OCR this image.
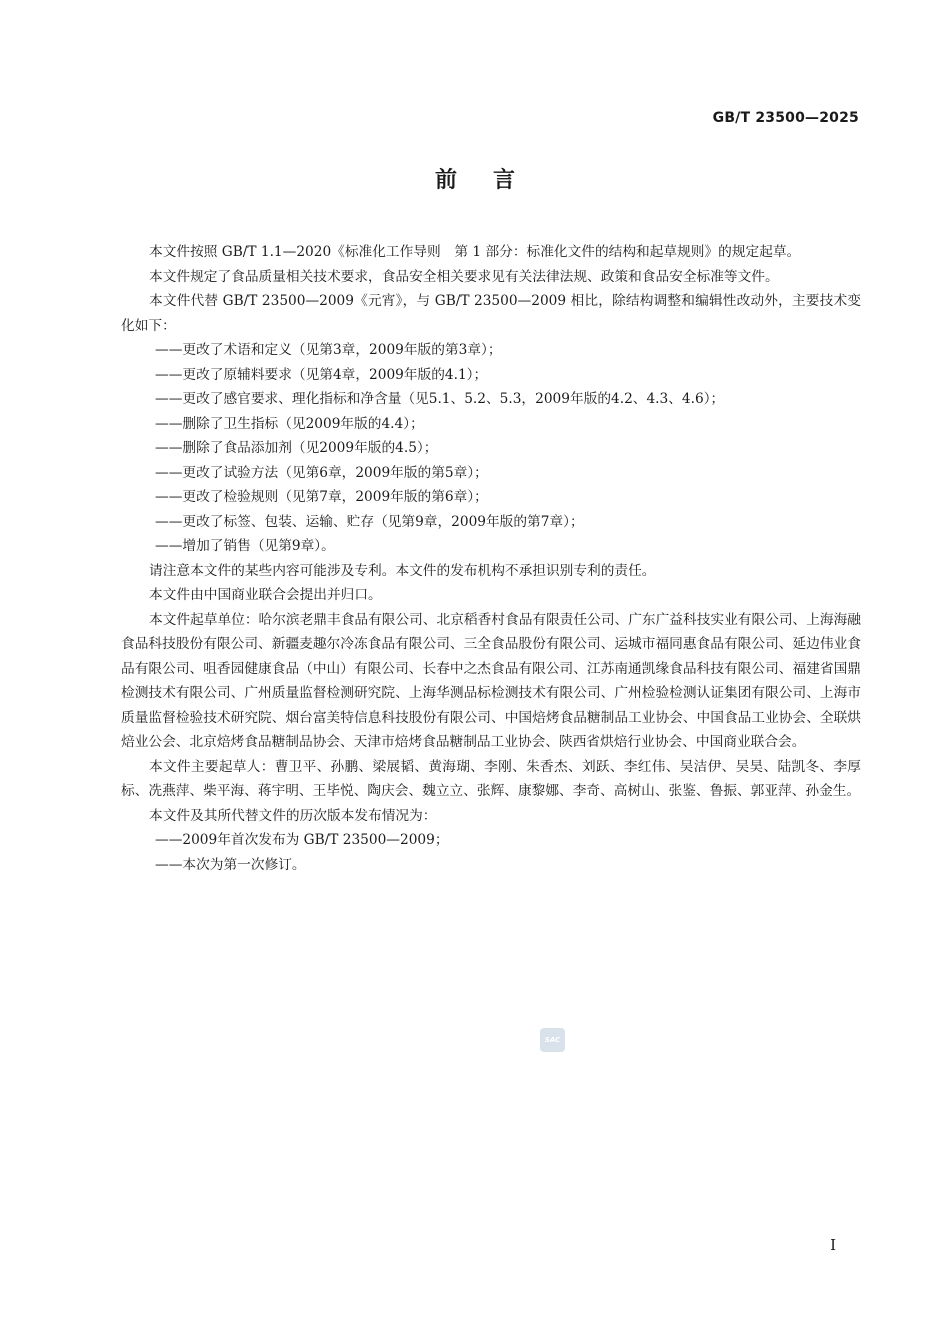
GB/T 23500—2025
前言

本文件按照 GB/T 1.1—2020《标准化工作导则　第 1 部分：标准化文件的结构和起草规则》的规定起草。

本文件规定了食品质量相关技术要求，食品安全相关要求见有关法律法规、政策和食品安全标准等文件。

本文件代替 GB/T 23500—2009《元宵》，与 GB/T 23500—2009 相比，除结构调整和编辑性改动外，主要技术变化如下：

——更改了术语和定义（见第3章，2009年版的第3章）；

——更改了原辅料要求（见第4章，2009年版的4.1）；

——更改了感官要求、理化指标和净含量（见5.1、5.2、5.3，2009年版的4.2、4.3、4.6）；

——删除了卫生指标（见2009年版的4.4）；

——删除了食品添加剂（见2009年版的4.5）；

——更改了试验方法（见第6章，2009年版的第5章）；

——更改了检验规则（见第7章，2009年版的第6章）；

——更改了标签、包装、运输、贮存（见第9章，2009年版的第7章）；

——增加了销售（见第9章）。

请注意本文件的某些内容可能涉及专利。本文件的发布机构不承担识别专利的责任。

本文件由中国商业联合会提出并归口。

本文件起草单位：哈尔滨老鼎丰食品有限公司、北京稻香村食品有限责任公司、广东广益科技实业有限公司、上海海融食品科技股份有限公司、新疆麦趣尔冷冻食品有限公司、三全食品股份有限公司、运城市福同惠食品有限公司、延边伟业食品有限公司、咀香园健康食品（中山）有限公司、长春中之杰食品有限公司、江苏南通凯缘食品科技有限公司、福建省国鼎检测技术有限公司、广州质量监督检测研究院、上海华测品标检测技术有限公司、广州检验检测认证集团有限公司、上海市质量监督检验技术研究院、烟台富美特信息科技股份有限公司、中国焙烤食品糖制品工业协会、中国食品工业协会、全联烘焙业公会、北京焙烤食品糖制品协会、天津市焙烤食品糖制品工业协会、陕西省烘焙行业协会、中国商业联合会。

本文件主要起草人：曹卫平、孙鹏、梁展韬、黄海瑚、李刚、朱香杰、刘跃、李红伟、吴洁伊、吴昊、陆凯冬、李厚标、冼燕萍、柴平海、蒋宇明、王毕悦、陶庆会、魏立立、张辉、康黎娜、李奇、高树山、张鉴、鲁振、郭亚萍、孙金生。

本文件及其所代替文件的历次版本发布情况为：

——2009年首次发布为 GB/T 23500—2009；

——本次为第一次修订。

SAC
Ⅰ
